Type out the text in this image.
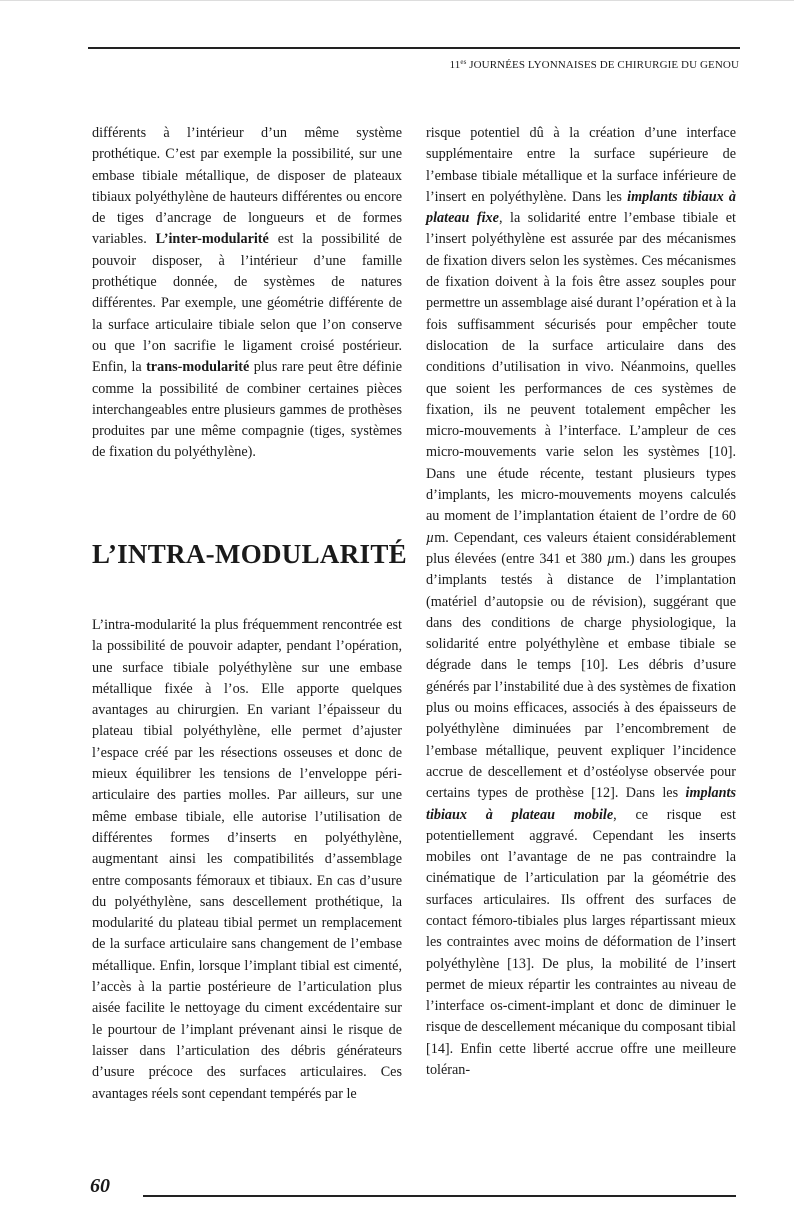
$11^{es}$ JOURNÉES LYONNAISES DE CHIRURGIE DU GENOU

différents à l’intérieur d’un même système prothétique. C’est par exemple la possibilité, sur une embase tibiale métallique, de disposer de plateaux tibiaux polyéthylène de hauteurs différentes ou encore de tiges d’ancrage de longueurs et de formes variables. L’inter-modularité est la possibilité de pouvoir disposer, à l’intérieur d’une famille prothétique donnée, de systèmes de natures différentes. Par exemple, une géométrie différente de la surface articulaire tibiale selon que l’on conserve ou que l’on sacrifie le ligament croisé postérieur. Enfin, la trans-modularité plus rare peut être définie comme la possibilité de combiner certaines pièces interchangeables entre plusieurs gammes de prothèses produites par une même compagnie (tiges, systèmes de fixation du polyéthylène).

L’INTRA-MODULARITÉ

L’intra-modularité la plus fréquemment rencontrée est la possibilité de pouvoir adapter, pendant l’opération, une surface tibiale polyéthylène sur une embase métallique fixée à l’os. Elle apporte quelques avantages au chirurgien. En variant l’épaisseur du plateau tibial polyéthylène, elle permet d’ajuster l’espace créé par les résections osseuses et donc de mieux équilibrer les tensions de l’enveloppe péri-articulaire des parties molles. Par ailleurs, sur une même embase tibiale, elle autorise l’utilisation de différentes formes d’inserts en polyéthylène, augmentant ainsi les compatibilités d’assemblage entre composants fémoraux et tibiaux. En cas d’usure du polyéthylène, sans descellement prothétique, la modularité du plateau tibial permet un remplacement de la surface articulaire sans changement de l’embase métallique. Enfin, lorsque l’implant tibial est cimenté, l’accès à la partie postérieure de l’articulation plus aisée facilite le nettoyage du ciment excédentaire sur le pourtour de l’implant prévenant ainsi le risque de laisser dans l’articulation des débris générateurs d’usure précoce des surfaces articulaires. Ces avantages réels sont cependant tempérés par le

risque potentiel dû à la création d’une interface supplémentaire entre la surface supérieure de l’embase tibiale métallique et la surface inférieure de l’insert en polyéthylène. Dans les implants tibiaux à plateau fixe, la solidarité entre l’embase tibiale et l’insert polyéthylène est assurée par des mécanismes de fixation divers selon les systèmes. Ces mécanismes de fixation doivent à la fois être assez souples pour permettre un assemblage aisé durant l’opération et à la fois suffisamment sécurisés pour empêcher toute dislocation de la surface articulaire dans des conditions d’utilisation in vivo. Néanmoins, quelles que soient les performances de ces systèmes de fixation, ils ne peuvent totalement empêcher les micro-mouvements à l’interface. L’ampleur de ces micro-mouvements varie selon les systèmes [10]. Dans une étude récente, testant plusieurs types d’implants, les micro-mouvements moyens calculés au moment de l’implantation étaient de l’ordre de 60 µm. Cependant, ces valeurs étaient considérablement plus élevées (entre 341 et 380 µm.) dans les groupes d’implants testés à distance de l’implantation (matériel d’autopsie ou de révision), suggérant que dans des conditions de charge physiologique, la solidarité entre polyéthylène et embase tibiale se dégrade dans le temps [10]. Les débris d’usure générés par l’instabilité due à des systèmes de fixation plus ou moins efficaces, associés à des épaisseurs de polyéthylène diminuées par l’encombrement de l’embase métallique, peuvent expliquer l’incidence accrue de descellement et d’ostéolyse observée pour certains types de prothèse [12]. Dans les implants tibiaux à plateau mobile, ce risque est potentiellement aggravé. Cependant les inserts mobiles ont l’avantage de ne pas contraindre la cinématique de l’articulation par la géométrie des surfaces articulaires. Ils offrent des surfaces de contact fémoro-tibiales plus larges répartissant mieux les contraintes avec moins de déformation de l’insert polyéthylène [13]. De plus, la mobilité de l’insert permet de mieux répartir les contraintes au niveau de l’interface os-ciment-implant et donc de diminuer le risque de descellement mécanique du composant tibial [14]. Enfin cette liberté accrue offre une meilleure toléran-

60
